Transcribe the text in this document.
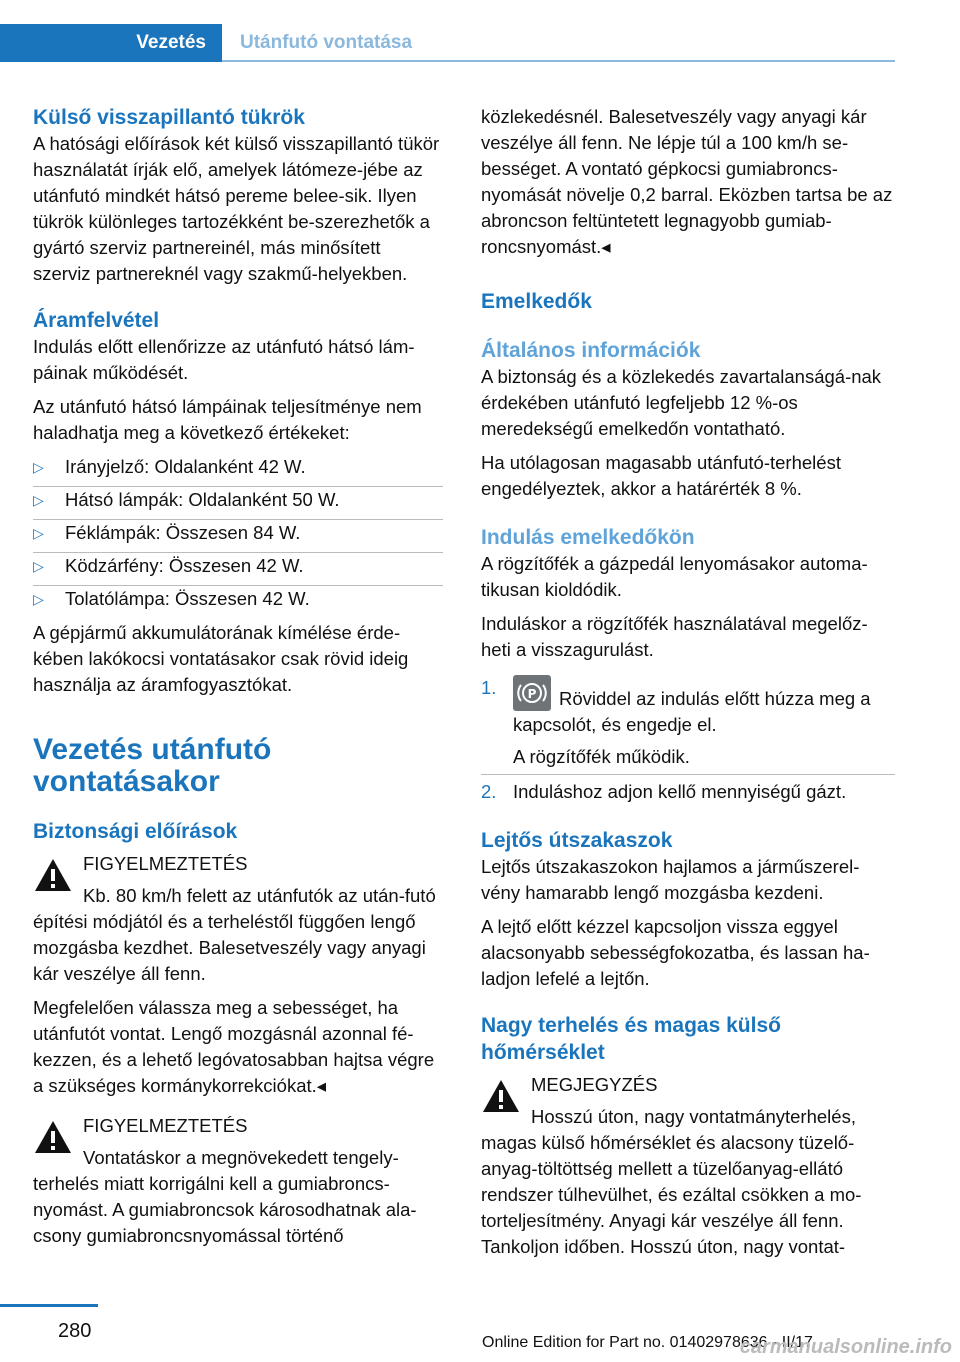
Vezetés	Utánfutó vontatása
Külső visszapillantó tükrök

A hatósági előírások két külső visszapillantó tükör használatát írják elő, amelyek látómeze-jébe az utánfutó mindkét hátsó pereme belee-sik. Ilyen tükrök különleges tartozékként be-szerezhetők a gyártó szerviz partnereinél, más minősített szerviz partnereknél vagy szakmű-helyekben.

Áramfelvétel

Indulás előtt ellenőrizze az utánfutó hátsó lám-páinak működését.

Az utánfutó hátsó lámpáinak teljesítménye nem haladhatja meg a következő értékeket:

▷ Irányjelző: Oldalanként 42 W.
▷ Hátsó lámpák: Oldalanként 50 W.
▷ Féklámpák: Összesen 84 W.
▷ Ködzárfény: Összesen 42 W.
▷ Tolatólámpa: Összesen 42 W.

A gépjármű akkumulátorának kímélése érde-kében lakókocsi vontatásakor csak rövid ideig használja az áramfogyasztókat.

Vezetés utánfutó vontatásakor
Biztonsági előírások

FIGYELMEZTETÉS

Kb. 80 km/h felett az utánfutók az után-futó építési módjától és a terheléstől függően lengő mozgásba kezdhet. Balesetveszély vagy anyagi kár veszélye áll fenn.

Megfelelően válassza meg a sebességet, ha utánfutót vontat. Lengő mozgásnál azonnal fé-kezzen, és a lehető legóvatosabban hajtsa végre a szükséges kormánykorrekciókat.◂

FIGYELMEZTETÉS

Vontatáskor a megnövekedett tengely-terhelés miatt korrigálni kell a gumiabroncs-nyomást. A gumiabroncsok károsodhatnak ala-csony gumiabroncsnyomással történő

közlekedésnél. Balesetveszély vagy anyagi kár veszélye áll fenn. Ne lépje túl a 100 km/h se-bességet. A vontató gépkocsi gumiabroncs-nyomását növelje 0,2 barral. Eközben tartsa be az abroncson feltüntetett legnagyobb gumiab-roncsnyomást.◂

Emelkedők
Általános információk

A biztonság és a közlekedés zavartalanságá-nak érdekében utánfutó legfeljebb 12 %-os meredekségű emelkedőn vontatható.

Ha utólagosan magasabb utánfutó-terhelést engedélyeztek, akkor a határérték 8 %.

Indulás emelkedőkön

A rögzítőfék a gázpedál lenyomásakor automa-tikusan kioldódik.

Induláskor a rögzítőfék használatával megelőz-heti a visszagurulást.

1.	P Röviddel az indulás előtt húzza meg a kapcsolót, és engedje el.

A rögzítőfék működik.

2. Induláshoz adjon kellő mennyiségű gázt.
Lejtős útszakaszok

Lejtős útszakaszokon hajlamos a járműszerel-vény hamarabb lengő mozgásba kezdeni.

A lejtő előtt kézzel kapcsoljon vissza eggyel alacsonyabb sebességfokozatba, és lassan ha-ladjon lefelé a lejtőn.

Nagy terhelés és magas külső hőmérséklet

MEGJEGYZÉS

Hosszú úton, nagy vontatmányterhelés, magas külső hőmérséklet és alacsony tüzelő-anyag-töltöttség mellett a tüzelőanyag-ellátó rendszer túlhevülhet, és ezáltal csökken a mo-torteljesítmény. Anyagi kár veszélye áll fenn. Tankoljon időben. Hosszú úton, nagy vontat-

280
Online Edition for Part no. 01402978636 - II/17
carmanualsonline.info
